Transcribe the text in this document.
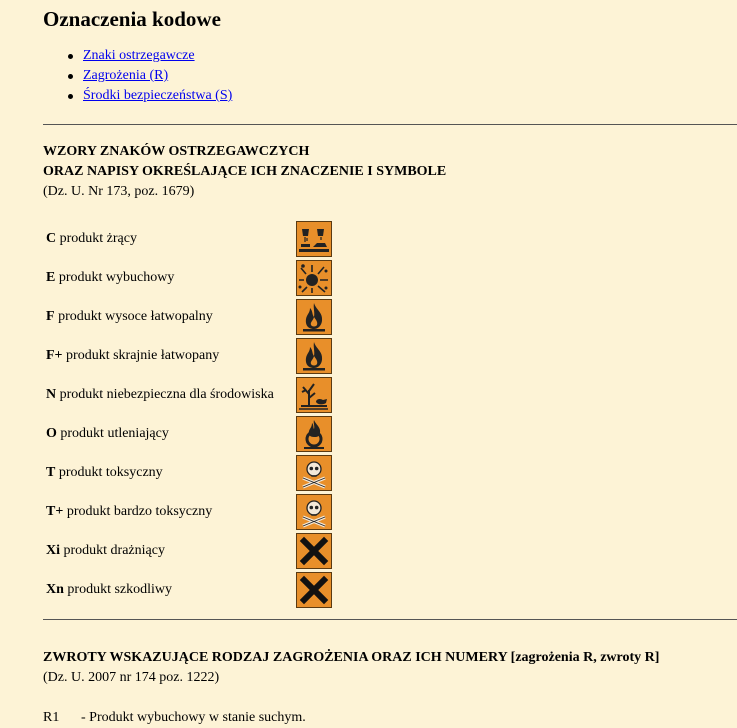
Oznaczenia kodowe
Znaki ostrzegawcze
Zagrożenia (R)
Środki bezpieczeństwa (S)

WZORY ZNAKÓW OSTRZEGAWCZYCH

ORAZ NAPISY OKREŚLAJĄCE ICH ZNACZENIE I SYMBOLE

(Dz. U. Nr 173, poz. 1679)

C produkt żrący
E produkt wybuchowy
F produkt wysoce łatwopalny
F+ produkt skrajnie łatwopany
N produkt niebezpieczna dla środowiska
O produkt utleniający
T produkt toksyczny
T+ produkt bardzo toksyczny
Xi produkt drażniący
Xn produkt szkodliwy

ZWROTY WSKAZUJĄCE RODZAJ ZAGROŻENIA ORAZ ICH NUMERY [zagrożenia R, zwroty R]

(Dz. U. 2007 nr 174 poz. 1222)

R1 - Produkt wybuchowy w stanie suchym.
